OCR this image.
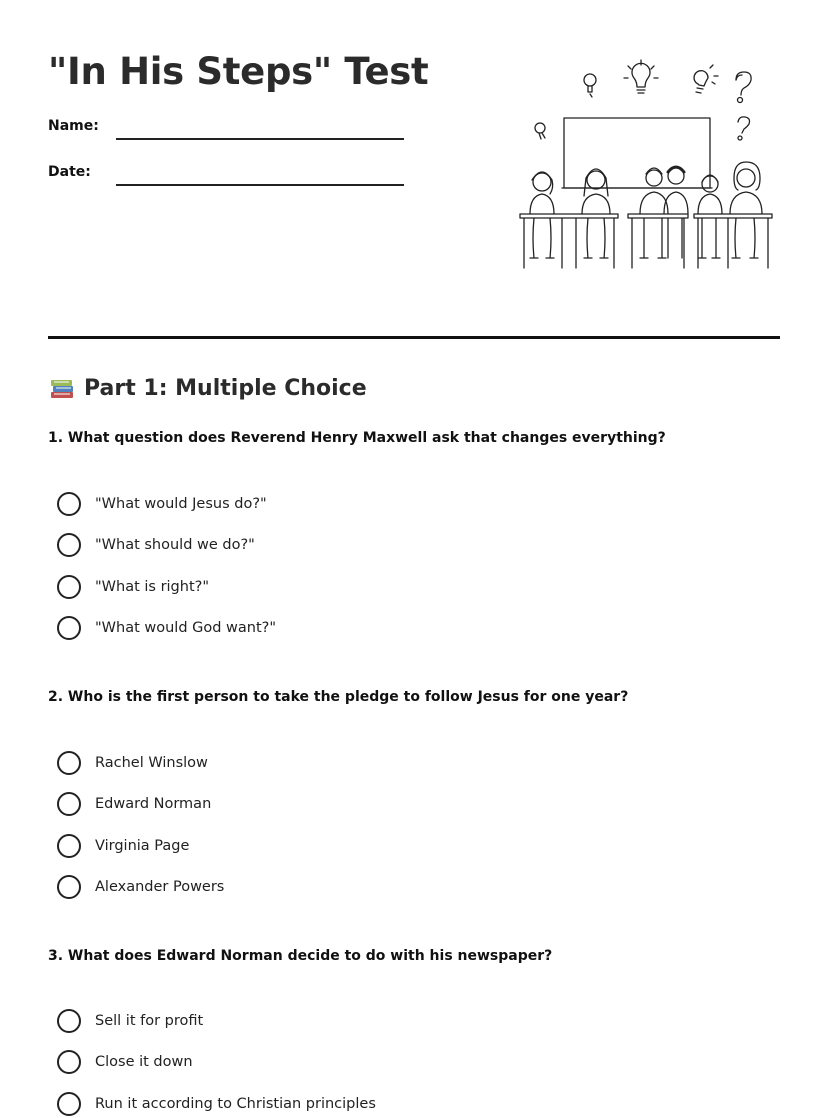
"In His Steps" Test
Name:
Date:
Part 1: Multiple Choice
1. What question does Reverend Henry Maxwell ask that changes everything?
"What would Jesus do?"
"What should we do?"
"What is right?"
"What would God want?"
2. Who is the first person to take the pledge to follow Jesus for one year?
Rachel Winslow
Edward Norman
Virginia Page
Alexander Powers
3. What does Edward Norman decide to do with his newspaper?
Sell it for profit
Close it down
Run it according to Christian principles
